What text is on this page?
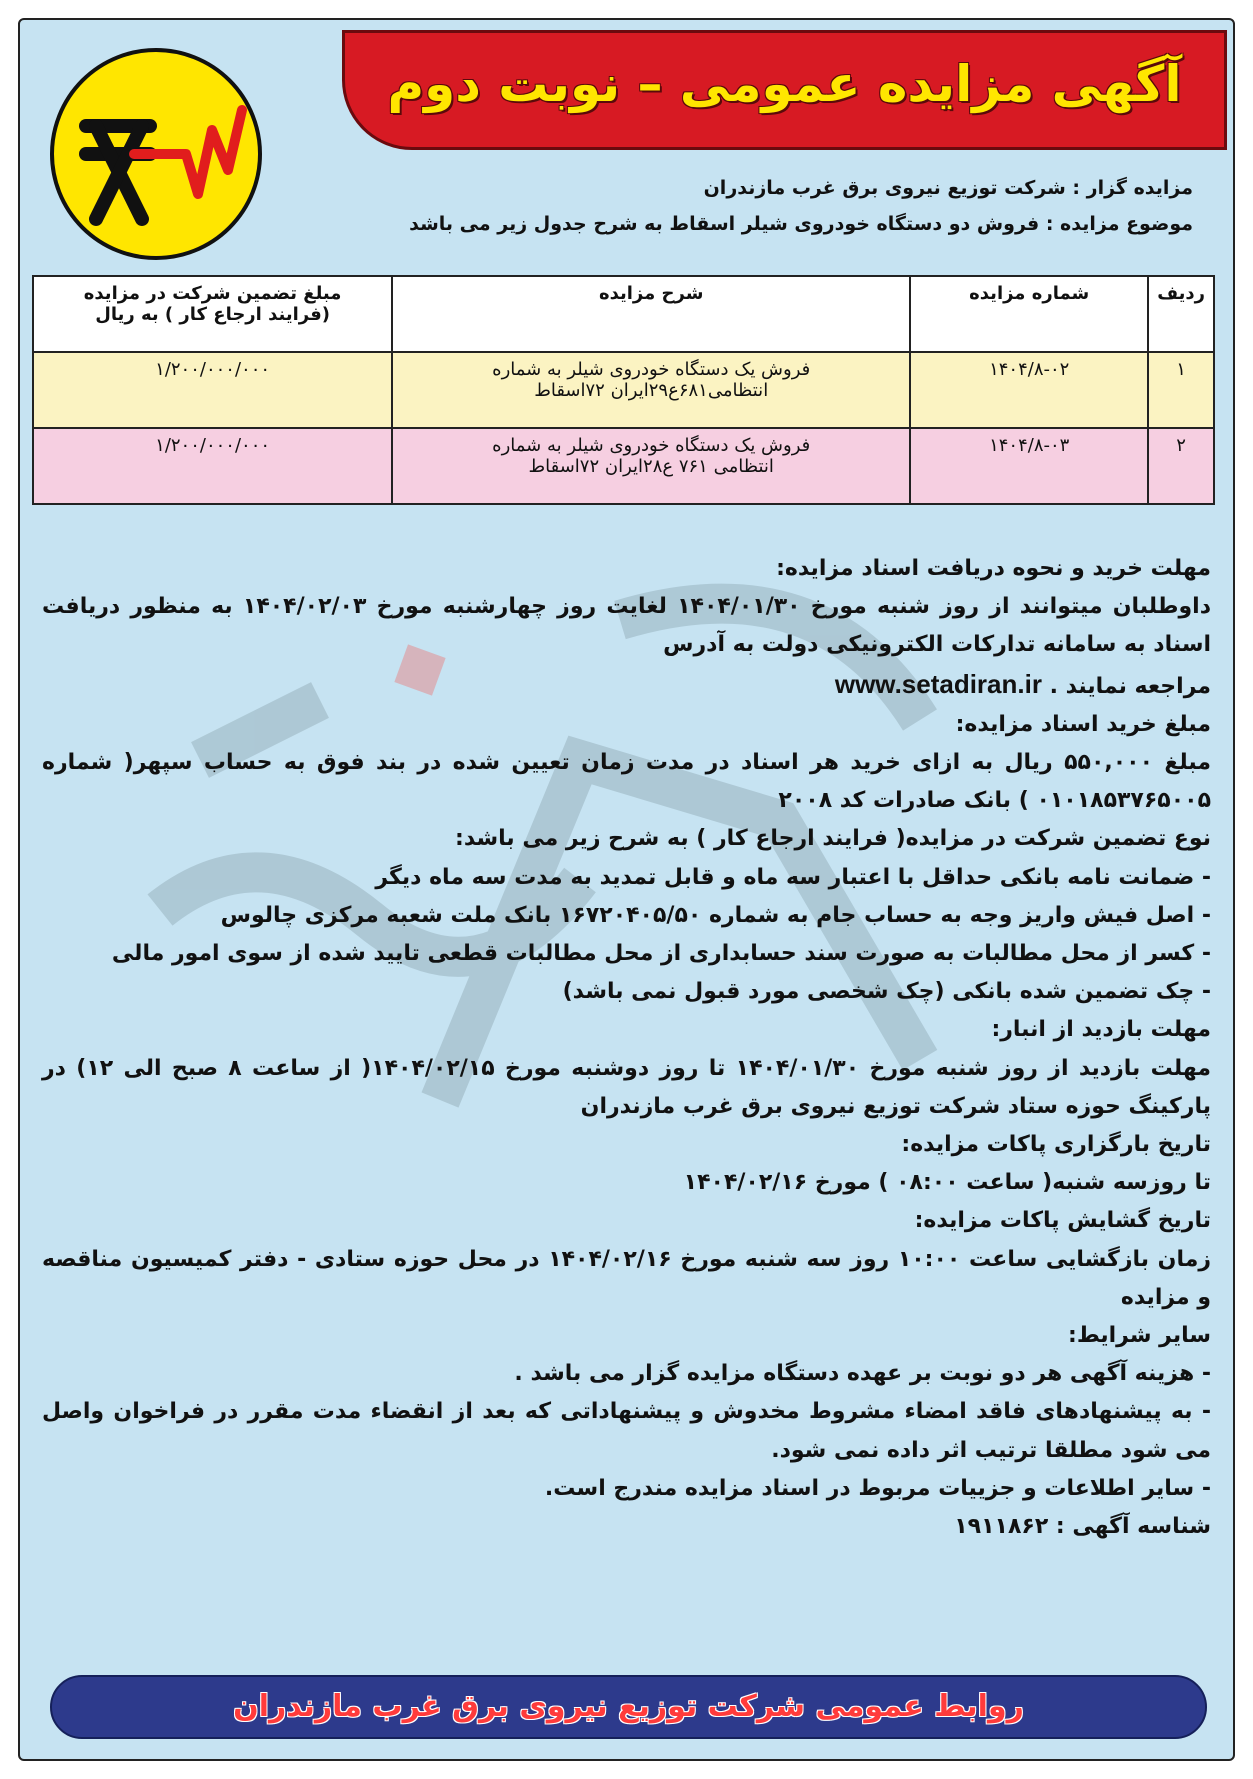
آگهی مزایده عمومی – نوبت دوم
مزایده گزار : شرکت توزیع نیروی برق غرب مازندران
موضوع مزایده : فروش دو دستگاه خودروی شیلر اسقاط به شرح جدول زیر می باشد
ردیف	شماره مزایده	شرح مزایده	مبلغ تضمین شرکت در مزایده
(فرایند ارجاع کار ) به ریال

۱	۱۴۰۴/۸-۰۲	فروش یک دستگاه خودروی شیلر به شماره
انتظامی۶۸۱ع۲۹ایران ۷۲اسقاط	۱/۲۰۰/۰۰۰/۰۰۰
۲	۱۴۰۴/۸-۰۳	فروش یک دستگاه خودروی شیلر به شماره
انتظامی ۷۶۱ ع۲۸ایران ۷۲اسقاط	۱/۲۰۰/۰۰۰/۰۰۰

مهلت خرید و نحوه دریافت اسناد مزایده:

داوطلبان میتوانند از روز شنبه مورخ ۱۴۰۴/۰۱/۳۰ لغایت روز چهارشنبه مورخ ۱۴۰۴/۰۲/۰۳ به منظور دریافت اسناد به سامانه تدارکات الکترونیکی دولت به آدرس

مراجعه نمایند . www.setadiran.ir

مبلغ خرید اسناد مزایده:

مبلغ ۵۵۰,۰۰۰ ریال به ازای خرید هر اسناد در مدت زمان تعیین شده در بند فوق به حساب سپهر( شماره ۰۱۰۱۸۵۳۷۶۵۰۰۵ ) بانک صادرات کد ۲۰۰۸

نوع تضمین شرکت در مزایده( فرایند ارجاع کار ) به شرح زیر می باشد:

- ضمانت نامه بانکی حداقل با اعتبار سه ماه و قابل تمدید به مدت سه ماه دیگر

- اصل فیش واریز وجه به حساب جام به شماره ۱۶۷۲۰۴۰۵/۵۰ بانک ملت شعبه مرکزی چالوس

- کسر از محل مطالبات به صورت سند حسابداری از محل مطالبات قطعی تایید شده از سوی امور مالی

- چک تضمین شده بانکی (چک شخصی مورد قبول نمی باشد)

مهلت بازدید از انبار:

مهلت بازدید از روز شنبه مورخ ۱۴۰۴/۰۱/۳۰ تا روز دوشنبه مورخ ۱۴۰۴/۰۲/۱۵( از ساعت ۸ صبح الی ۱۲) در پارکینگ حوزه ستاد شرکت توزیع نیروی برق غرب مازندران

تاریخ بارگزاری پاکات مزایده:

تا روزسه شنبه( ساعت ۰۸:۰۰ ) مورخ ۱۴۰۴/۰۲/۱۶

تاریخ گشایش پاکات مزایده:

زمان بازگشایی ساعت ۱۰:۰۰ روز سه شنبه مورخ ۱۴۰۴/۰۲/۱۶ در محل حوزه ستادی - دفتر کمیسیون مناقصه و مزایده

سایر شرایط:

- هزینه آگهی هر دو نوبت بر عهده دستگاه مزایده گزار می باشد .

- به پیشنهادهای فاقد امضاء مشروط مخدوش و پیشنهاداتی که بعد از انقضاء مدت مقرر در فراخوان واصل می شود مطلقا ترتیب اثر داده نمی شود.

- سایر اطلاعات و جزییات مربوط در اسناد مزایده مندرج است.

شناسه آگهی : ۱۹۱۱۸۶۲

روابط عمومی شرکت توزیع نیروی برق غرب مازندران
